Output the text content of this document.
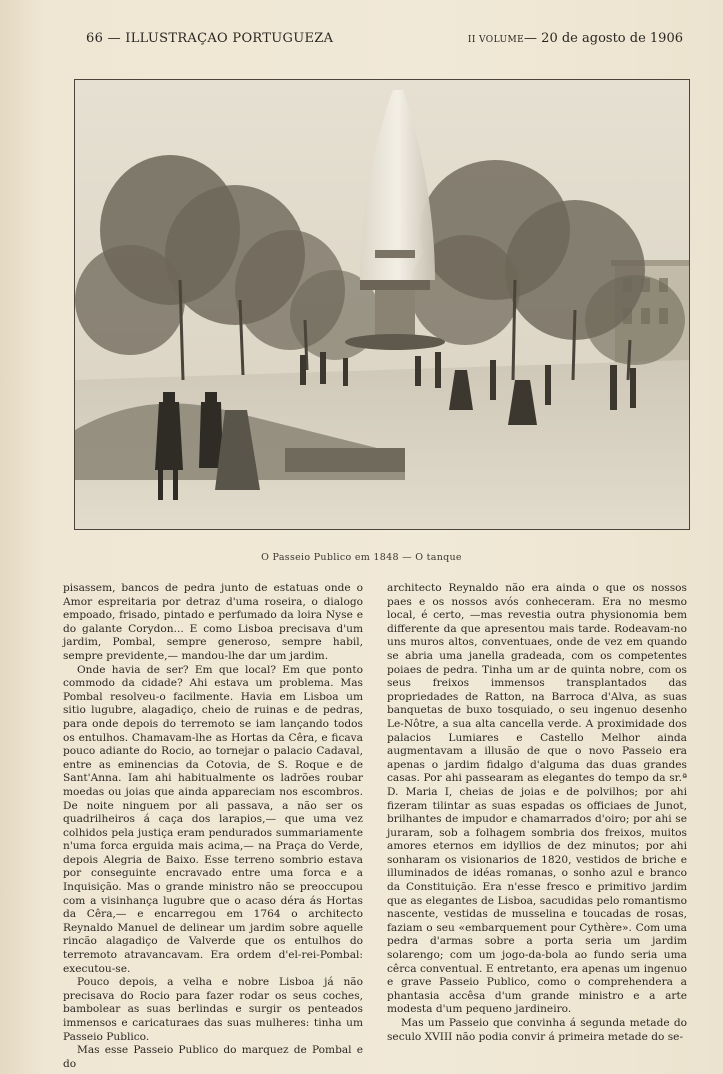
66 — ILLUSTRAÇAO PORTUGUEZA	II VOLUME— 20 de agosto de 1906
O Passeio Publico em 1848 — O tanque

pisassem, bancos de pedra junto de estatuas onde o Amor espreitaria por detraz d'uma roseira, o dialogo empoado, frisado, pintado e perfumado da loira Nyse e do galante Corydon... E como Lisboa precisava d'um jardim, Pombal, sempre generoso, sempre habil, sempre previdente,— mandou-lhe dar um jardim.

Onde havia de ser? Em que local? Em que ponto commodo da cidade? Ahi estava um problema. Mas Pombal resolveu-o facilmente. Havia em Lisboa um sitio lugubre, alagadiço, cheio de ruinas e de pedras, para onde depois do terremoto se iam lançando todos os entulhos. Chamavam-lhe as Hortas da Cêra, e ficava pouco adiante do Rocio, ao tornejar o palacio Cadaval, entre as eminencias da Cotovia, de S. Roque e de Sant'Anna. Iam ahi habitualmente os ladrões roubar moedas ou joias que ainda appareciam nos escombros. De noite ninguem por ali passava, a não ser os quadrilheiros á caça dos larapios,— que uma vez colhidos pela justiça eram pendurados summariamente n'uma forca erguida mais acima,— na Praça do Verde, depois Alegria de Baixo. Esse terreno sombrio estava por conseguinte encravado entre uma forca e a Inquisição. Mas o grande ministro não se preoccupou com a visinhança lugubre que o acaso déra ás Hortas da Cêra,— e encarregou em 1764 o architecto Reynaldo Manuel de delinear um jardim sobre aquelle rincão alagadiço de Valverde que os entulhos do terremoto atravancavam. Era ordem d'el-rei-Pombal: executou-se.

Pouco depois, a velha e nobre Lisboa já não precisava do Rocio para fazer rodar os seus coches, bambolear as suas berlindas e surgir os penteados immensos e caricaturaes das suas mulheres: tinha um Passeio Publico.

Mas esse Passeio Publico do marquez de Pombal e do

architecto Reynaldo não era ainda o que os nossos paes e os nossos avós conheceram. Era no mesmo local, é certo, —mas revestia outra physionomia bem differente da que apresentou mais tarde. Rodeavam-no uns muros altos, conventuaes, onde de vez em quando se abria uma janella gradeada, com os competentes poiaes de pedra. Tinha um ar de quinta nobre, com os seus freixos immensos transplantados das propriedades de Ratton, na Barroca d'Alva, as suas banquetas de buxo tosquiado, o seu ingenuo desenho Le-Nôtre, a sua alta cancella verde. A proximidade dos palacios Lumiares e Castello Melhor ainda augmentavam a illusão de que o novo Passeio era apenas o jardim fidalgo d'alguma das duas grandes casas. Por ahi passearam as elegantes do tempo da sr.ª D. Maria I, cheias de joias e de polvilhos; por ahi fizeram tilintar as suas espadas os officiaes de Junot, brilhantes de impudor e chamarrados d'oiro; por ahi se juraram, sob a folhagem sombria dos freixos, muitos amores eternos em idyllios de dez minutos; por ahi sonharam os visionarios de 1820, vestidos de briche e illuminados de idéas romanas, o sonho azul e branco da Constituição. Era n'esse fresco e primitivo jardim que as elegantes de Lisboa, sacudidas pelo romantismo nascente, vestidas de musselina e toucadas de rosas, faziam o seu «embarquement pour Cythère». Com uma pedra d'armas sobre a porta seria um jardim solarengo; com um jogo-da-bola ao fundo seria uma cêrca conventual. E entretanto, era apenas um ingenuo e grave Passeio Publico, como o comprehendera a phantasia accêsa d'um grande ministro e a arte modesta d'um pequeno jardineiro.

Mas um Passeio que convinha á segunda metade do seculo XVIII não podia convir á primeira metade do se-
